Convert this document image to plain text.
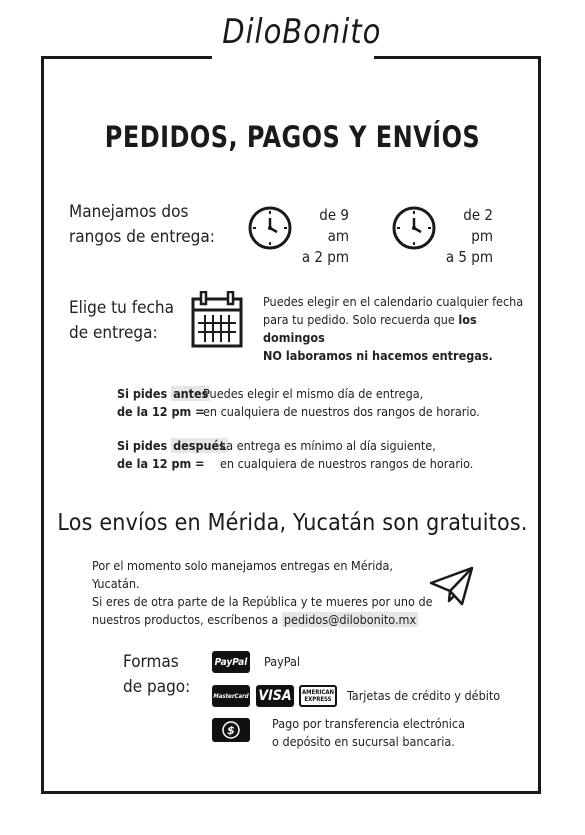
DiloBonito
PEDIDOS, PAGOS Y ENVÍOS
Manejamos dos
rangos de entrega:
de 9 am
a 2 pm
de 2 pm
a 5 pm
Elige tu fecha
de entrega:
Puedes elegir en el calendario cualquier fecha
para tu pedido. Solo recuerda que los domingos
NO laboramos ni hacemos entregas.
Si pides antes
de la 12 pm =
Puedes elegir el mismo día de entrega,
en cualquiera de nuestros dos rangos de horario.
Si pides después
de la 12 pm =
La entrega es mínimo al día siguiente,
en cualquiera de nuestros rangos de horario.
Los envíos en Mérida, Yucatán son gratuitos.
Por el momento solo manejamos entregas en Mérida, Yucatán.
Si eres de otra parte de la República y te mueres por uno de
nuestros productos, escríbenos a pedidos@dilobonito.mx
Formas
de pago:
PayPal PayPal
MasterCard VISA	AMERICAN
EXPRESS Tarjetas de crédito y débito
$	Pago por transferencia electrónica
o depósito en sucursal bancaria.
